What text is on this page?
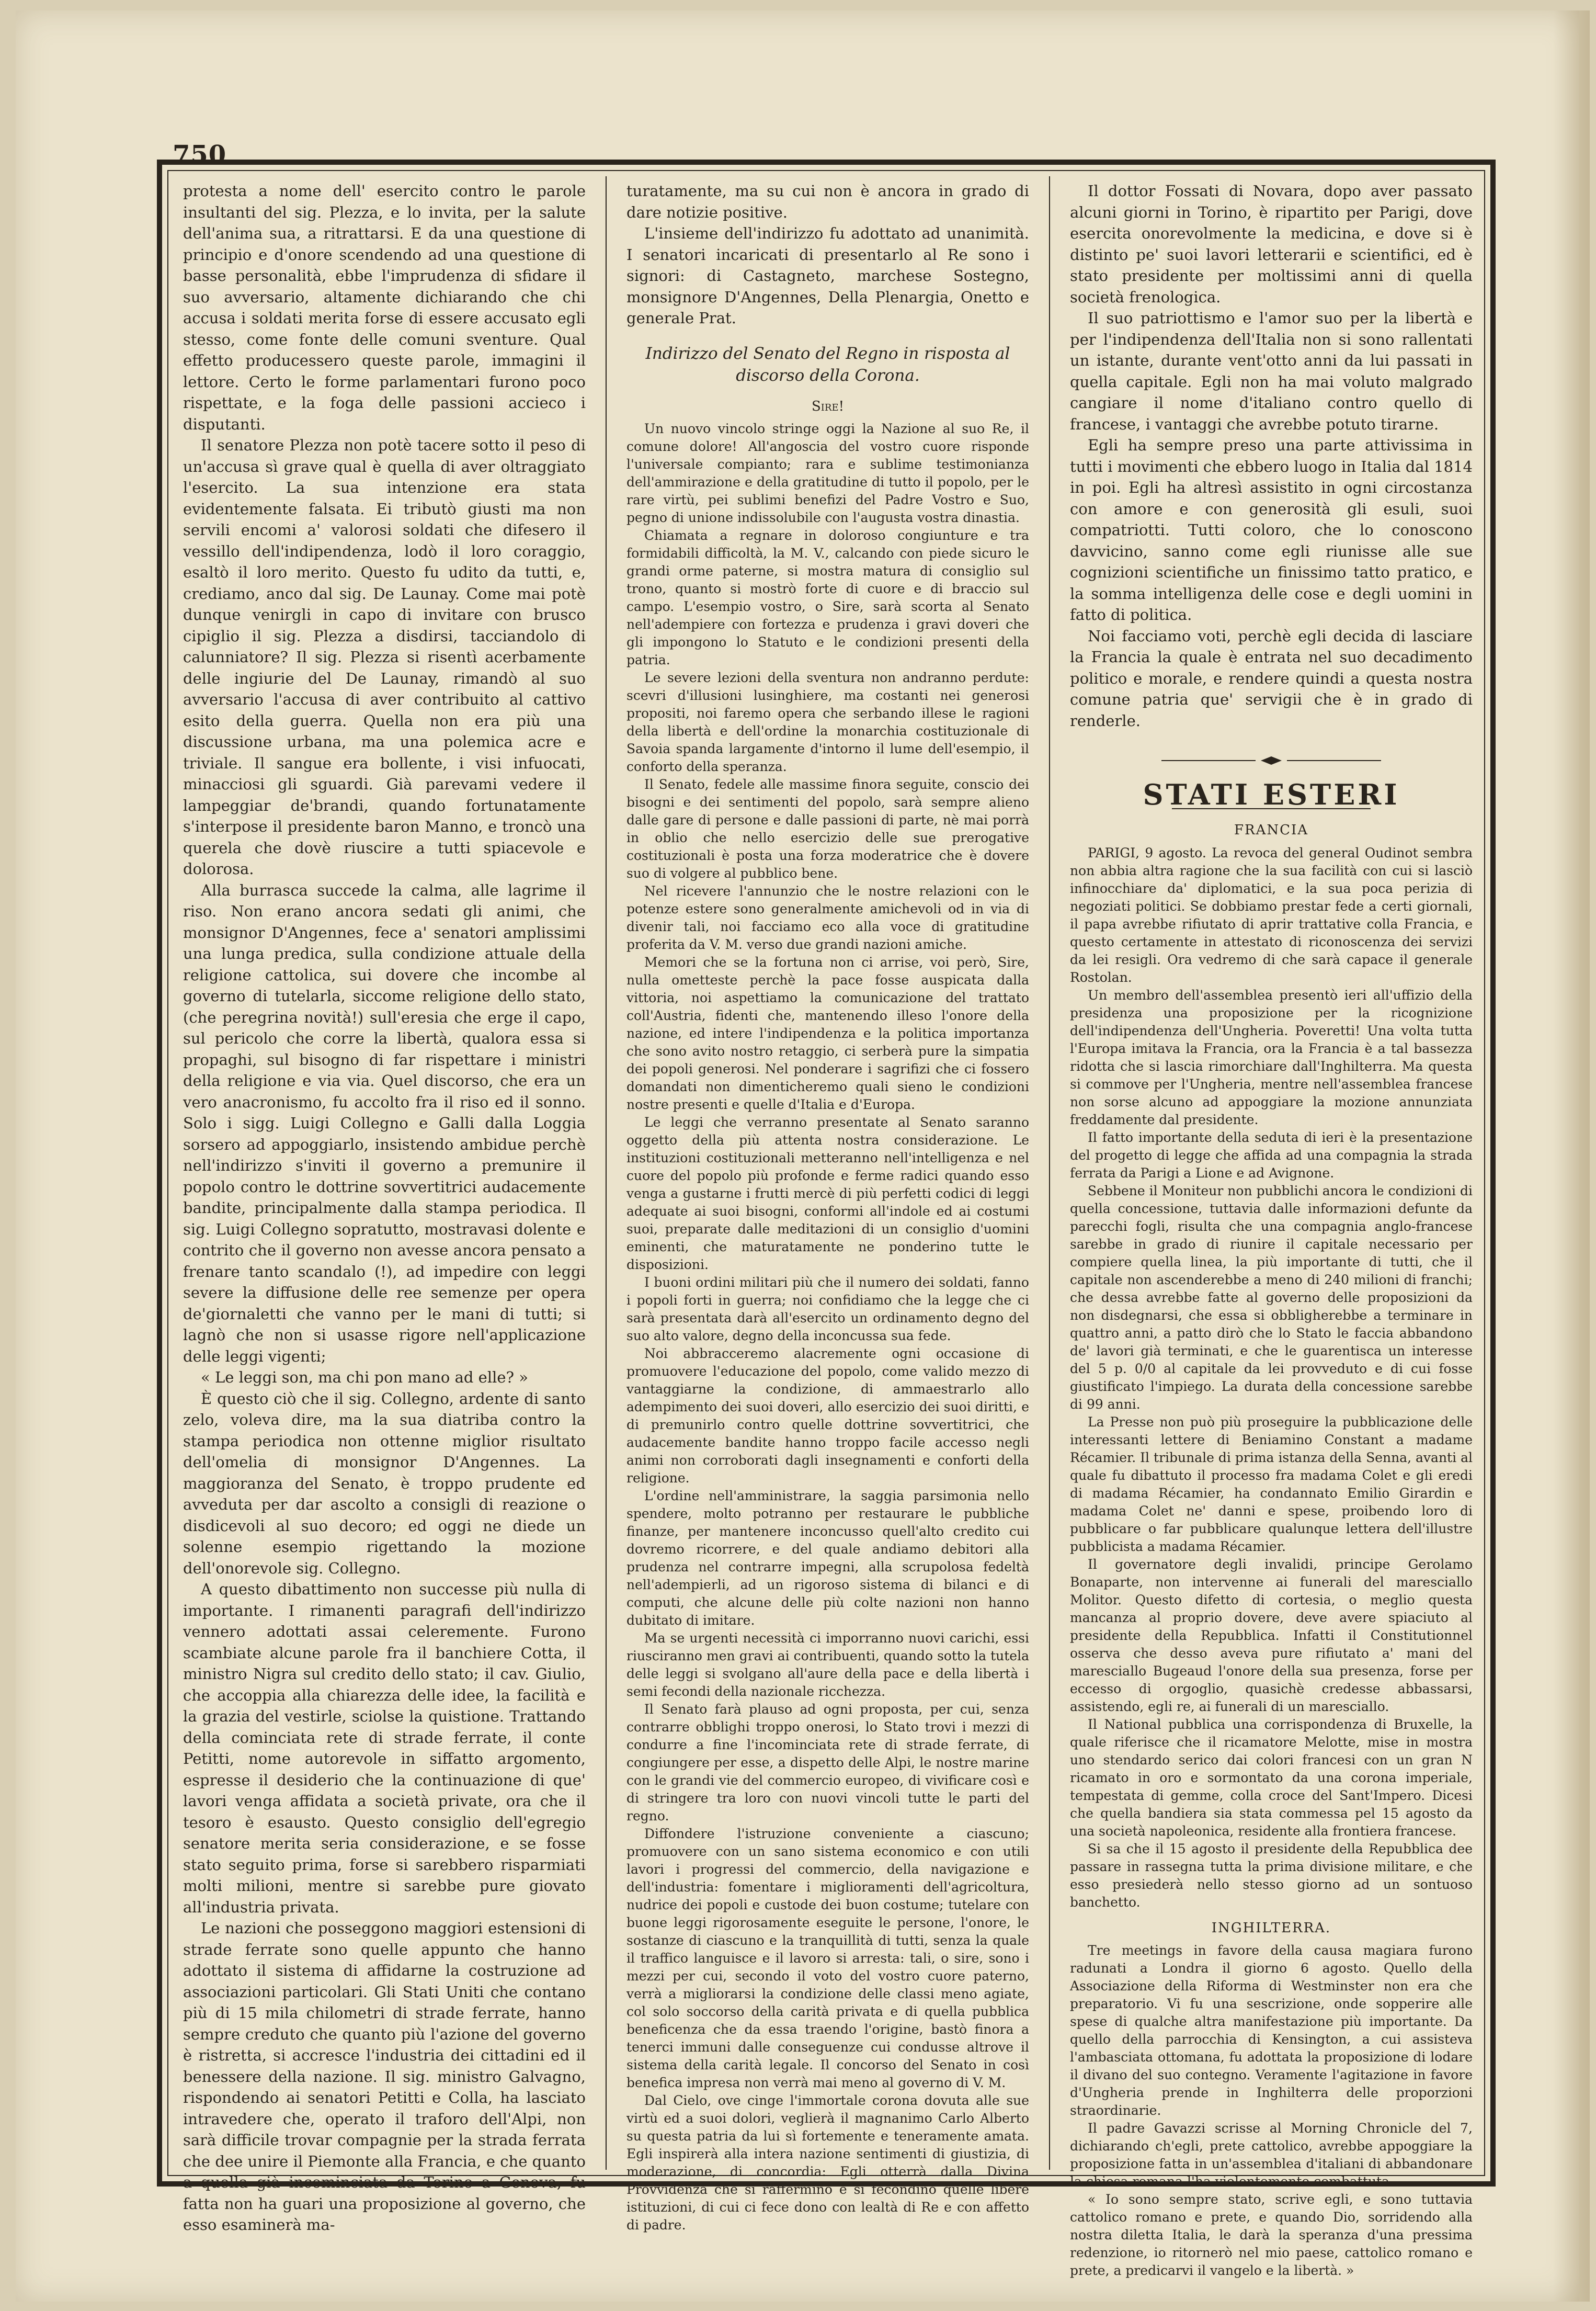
750

protesta a nome dell' esercito contro le parole insultanti del sig. Plezza, e lo invita, per la salute dell'anima sua, a ritrattarsi. E da una questione di principio e d'onore scendendo ad una questione di basse personalità, ebbe l'imprudenza di sfidare il suo avversario, altamente dichiarando che chi accusa i soldati merita forse di essere accusato egli stesso, come fonte delle comuni sventure. Qual effetto producessero queste parole, immagini il lettore. Certo le forme parlamentari furono poco rispettate, e la foga delle passioni accieco i disputanti.

Il senatore Plezza non potè tacere sotto il peso di un'accusa sì grave qual è quella di aver oltraggiato l'esercito. La sua intenzione era stata evidentemente falsata. Ei tributò giusti ma non servili encomi a' valorosi soldati che difesero il vessillo dell'indipendenza, lodò il loro coraggio, esaltò il loro merito. Questo fu udito da tutti, e, crediamo, anco dal sig. De Launay. Come mai potè dunque venirgli in capo di invitare con brusco cipiglio il sig. Plezza a disdirsi, tacciandolo di calunniatore? Il sig. Plezza si risentì acerbamente delle ingiurie del De Launay, rimandò al suo avversario l'accusa di aver contribuito al cattivo esito della guerra. Quella non era più una discussione urbana, ma una polemica acre e triviale. Il sangue era bollente, i visi infuocati, minacciosi gli sguardi. Già parevami vedere il lampeggiar de'brandi, quando fortunatamente s'interpose il presidente baron Manno, e troncò una querela che dovè riuscire a tutti spiacevole e dolorosa.

Alla burrasca succede la calma, alle lagrime il riso. Non erano ancora sedati gli animi, che monsignor D'Angennes, fece a' senatori amplissimi una lunga predica, sulla condizione attuale della religione cattolica, sui dovere che incombe al governo di tutelarla, siccome religione dello stato, (che peregrina novità!) sull'eresia che erge il capo, sul pericolo che corre la libertà, qualora essa si propaghi, sul bisogno di far rispettare i ministri della religione e via via. Quel discorso, che era un vero anacronismo, fu accolto fra il riso ed il sonno. Solo i sigg. Luigi Collegno e Galli dalla Loggia sorsero ad appoggiarlo, insistendo ambidue perchè nell'indirizzo s'inviti il governo a premunire il popolo contro le dottrine sovvertitrici audacemente bandite, principalmente dalla stampa periodica. Il sig. Luigi Collegno sopratutto, mostravasi dolente e contrito che il governo non avesse ancora pensato a frenare tanto scandalo (!), ad impedire con leggi severe la diffusione delle ree semenze per opera de'giornaletti che vanno per le mani di tutti; si lagnò che non si usasse rigore nell'applicazione delle leggi vigenti;

« Le leggi son, ma chi pon mano ad elle? »

È questo ciò che il sig. Collegno, ardente di santo zelo, voleva dire, ma la sua diatriba contro la stampa periodica non ottenne miglior risultato dell'omelia di monsignor D'Angennes. La maggioranza del Senato, è troppo prudente ed avveduta per dar ascolto a consigli di reazione o disdicevoli al suo decoro; ed oggi ne diede un solenne esempio rigettando la mozione dell'onorevole sig. Collegno.

A questo dibattimento non successe più nulla di importante. I rimanenti paragrafi dell'indirizzo vennero adottati assai celeremente. Furono scambiate alcune parole fra il banchiere Cotta, il ministro Nigra sul credito dello stato; il cav. Giulio, che accoppia alla chiarezza delle idee, la facilità e la grazia del vestirle, sciolse la quistione. Trattando della cominciata rete di strade ferrate, il conte Petitti, nome autorevole in siffatto argomento, espresse il desiderio che la continuazione di que' lavori venga affidata a società private, ora che il tesoro è esausto. Questo consiglio dell'egregio senatore merita seria considerazione, e se fosse stato seguito prima, forse si sarebbero risparmiati molti milioni, mentre si sarebbe pure giovato all'industria privata.

Le nazioni che posseggono maggiori estensioni di strade ferrate sono quelle appunto che hanno adottato il sistema di affidarne la costruzione ad associazioni particolari. Gli Stati Uniti che contano più di 15 mila chilometri di strade ferrate, hanno sempre creduto che quanto più l'azione del governo è ristretta, si accresce l'industria dei cittadini ed il benessere della nazione. Il sig. ministro Galvagno, rispondendo ai senatori Petitti e Colla, ha lasciato intravedere che, operato il traforo dell'Alpi, non sarà difficile trovar compagnie per la strada ferrata che dee unire il Piemonte alla Francia, e che quanto a quella già incominciata da Torino a Genova, fu fatta non ha guari una proposizione al governo, che esso esaminerà ma-

turatamente, ma su cui non è ancora in grado di dare notizie positive.

L'insieme dell'indirizzo fu adottato ad unanimità. I senatori incaricati di presentarlo al Re sono i signori: di Castagneto, marchese Sostegno, monsignore D'Angennes, Della Plenargia, Onetto e generale Prat.

Indirizzo del Senato del Regno in risposta al discorso della Corona.

Sire!

Un nuovo vincolo stringe oggi la Nazione al suo Re, il comune dolore! All'angoscia del vostro cuore risponde l'universale compianto; rara e sublime testimonianza dell'ammirazione e della gratitudine di tutto il popolo, per le rare virtù, pei sublimi benefizi del Padre Vostro e Suo, pegno di unione indissolubile con l'augusta vostra dinastia.

Chiamata a regnare in doloroso congiunture e tra formidabili difficoltà, la M. V., calcando con piede sicuro le grandi orme paterne, si mostra matura di consiglio sul trono, quanto si mostrò forte di cuore e di braccio sul campo. L'esempio vostro, o Sire, sarà scorta al Senato nell'adempiere con fortezza e prudenza i gravi doveri che gli impongono lo Statuto e le condizioni presenti della patria.

Le severe lezioni della sventura non andranno perdute: scevri d'illusioni lusinghiere, ma costanti nei generosi propositi, noi faremo opera che serbando illese le ragioni della libertà e dell'ordine la monarchia costituzionale di Savoia spanda largamente d'intorno il lume dell'esempio, il conforto della speranza.

Il Senato, fedele alle massime finora seguite, conscio dei bisogni e dei sentimenti del popolo, sarà sempre alieno dalle gare di persone e dalle passioni di parte, nè mai porrà in oblio che nello esercizio delle sue prerogative costituzionali è posta una forza moderatrice che è dovere suo di volgere al pubblico bene.

Nel ricevere l'annunzio che le nostre relazioni con le potenze estere sono generalmente amichevoli od in via di divenir tali, noi facciamo eco alla voce di gratitudine proferita da V. M. verso due grandi nazioni amiche.

Memori che se la fortuna non ci arrise, voi però, Sire, nulla ometteste perchè la pace fosse auspicata dalla vittoria, noi aspettiamo la comunicazione del trattato coll'Austria, fidenti che, mantenendo illeso l'onore della nazione, ed intere l'indipendenza e la politica importanza che sono avito nostro retaggio, ci serberà pure la simpatia dei popoli generosi. Nel ponderare i sagrifizi che ci fossero domandati non dimenticheremo quali sieno le condizioni nostre presenti e quelle d'Italia e d'Europa.

Le leggi che verranno presentate al Senato saranno oggetto della più attenta nostra considerazione. Le instituzioni costituzionali metteranno nell'intelligenza e nel cuore del popolo più profonde e ferme radici quando esso venga a gustarne i frutti mercè di più perfetti codici di leggi adequate ai suoi bisogni, conformi all'indole ed ai costumi suoi, preparate dalle meditazioni di un consiglio d'uomini eminenti, che maturatamente ne ponderino tutte le disposizioni.

I buoni ordini militari più che il numero dei soldati, fanno i popoli forti in guerra; noi confidiamo che la legge che ci sarà presentata darà all'esercito un ordinamento degno del suo alto valore, degno della inconcussa sua fede.

Noi abbracceremo alacremente ogni occasione di promuovere l'educazione del popolo, come valido mezzo di vantaggiarne la condizione, di ammaestrarlo allo adempimento dei suoi doveri, allo esercizio dei suoi diritti, e di premunirlo contro quelle dottrine sovvertitrici, che audacemente bandite hanno troppo facile accesso negli animi non corroborati dagli insegnamenti e conforti della religione.

L'ordine nell'amministrare, la saggia parsimonia nello spendere, molto potranno per restaurare le pubbliche finanze, per mantenere inconcusso quell'alto credito cui dovremo ricorrere, e del quale andiamo debitori alla prudenza nel contrarre impegni, alla scrupolosa fedeltà nell'adempierli, ad un rigoroso sistema di bilanci e di computi, che alcune delle più colte nazioni non hanno dubitato di imitare.

Ma se urgenti necessità ci imporranno nuovi carichi, essi riusciranno men gravi ai contribuenti, quando sotto la tutela delle leggi si svolgano all'aure della pace e della libertà i semi fecondi della nazionale ricchezza.

Il Senato farà plauso ad ogni proposta, per cui, senza contrarre obblighi troppo onerosi, lo Stato trovi i mezzi di condurre a fine l'incominciata rete di strade ferrate, di congiungere per esse, a dispetto delle Alpi, le nostre marine con le grandi vie del commercio europeo, di vivificare così e di stringere tra loro con nuovi vincoli tutte le parti del regno.

Diffondere l'istruzione conveniente a ciascuno; promuovere con un sano sistema economico e con utili lavori i progressi del commercio, della navigazione e dell'industria: fomentare i miglioramenti dell'agricoltura, nudrice dei popoli e custode dei buon costume; tutelare con buone leggi rigorosamente eseguite le persone, l'onore, le sostanze di ciascuno e la tranquillità di tutti, senza la quale il traffico languisce e il lavoro si arresta: tali, o sire, sono i mezzi per cui, secondo il voto del vostro cuore paterno, verrà a migliorarsi la condizione delle classi meno agiate, col solo soccorso della carità privata e di quella pubblica beneficenza che da essa traendo l'origine, bastò finora a tenerci immuni dalle conseguenze cui condusse altrove il sistema della carità legale. Il concorso del Senato in così benefica impresa non verrà mai meno al governo di V. M.

Dal Cielo, ove cinge l'immortale corona dovuta alle sue virtù ed a suoi dolori, veglierà il magnanimo Carlo Alberto su questa patria da lui sì fortemente e teneramente amata. Egli inspirerà alla intera nazione sentimenti di giustizia, di moderazione, di concordia: Egli otterrà dalla Divina Provvidenza che si raffermino e si fecondino quelle libere istituzioni, di cui ci fece dono con lealtà di Re e con affetto di padre.

Il dottor Fossati di Novara, dopo aver passato alcuni giorni in Torino, è ripartito per Parigi, dove esercita onorevolmente la medicina, e dove si è distinto pe' suoi lavori letterarii e scientifici, ed è stato presidente per moltissimi anni di quella società frenologica.

Il suo patriottismo e l'amor suo per la libertà e per l'indipendenza dell'Italia non si sono rallentati un istante, durante vent'otto anni da lui passati in quella capitale. Egli non ha mai voluto malgrado cangiare il nome d'italiano contro quello di francese, i vantaggi che avrebbe potuto tirarne.

Egli ha sempre preso una parte attivissima in tutti i movimenti che ebbero luogo in Italia dal 1814 in poi. Egli ha altresì assistito in ogni circostanza con amore e con generosità gli esuli, suoi compatriotti. Tutti coloro, che lo conoscono davvicino, sanno come egli riunisse alle sue cognizioni scientifiche un finissimo tatto pratico, e la somma intelligenza delle cose e degli uomini in fatto di politica.

Noi facciamo voti, perchè egli decida di lasciare la Francia la quale è entrata nel suo decadimento politico e morale, e rendere quindi a questa nostra comune patria que' servigii che è in grado di renderle.

STATI ESTERI

FRANCIA

PARIGI, 9 agosto. La revoca del general Oudinot sembra non abbia altra ragione che la sua facilità con cui si lasciò infinocchiare da' diplomatici, e la sua poca perizia di negoziati politici. Se dobbiamo prestar fede a certi giornali, il papa avrebbe rifiutato di aprir trattative colla Francia, e questo certamente in attestato di riconoscenza dei servizi da lei resigli. Ora vedremo di che sarà capace il generale Rostolan.

Un membro dell'assemblea presentò ieri all'uffizio della presidenza una proposizione per la ricognizione dell'indipendenza dell'Ungheria. Poveretti! Una volta tutta l'Europa imitava la Francia, ora la Francia è a tal bassezza ridotta che si lascia rimorchiare dall'Inghilterra. Ma questa si commove per l'Ungheria, mentre nell'assemblea francese non sorse alcuno ad appoggiare la mozione annunziata freddamente dal presidente.

Il fatto importante della seduta di ieri è la presentazione del progetto di legge che affida ad una compagnia la strada ferrata da Parigi a Lione e ad Avignone.

Sebbene il Moniteur non pubblichi ancora le condizioni di quella concessione, tuttavia dalle informazioni defunte da parecchi fogli, risulta che una compagnia anglo-francese sarebbe in grado di riunire il capitale necessario per compiere quella linea, la più importante di tutti, che il capitale non ascenderebbe a meno di 240 milioni di franchi; che dessa avrebbe fatte al governo delle proposizioni da non disdegnarsi, che essa si obbligherebbe a terminare in quattro anni, a patto dirò che lo Stato le faccia abbandono de' lavori già terminati, e che le guarentisca un interesse del 5 p. 0/0 al capitale da lei provveduto e di cui fosse giustificato l'impiego. La durata della concessione sarebbe di 99 anni.

La Presse non può più proseguire la pubblicazione delle interessanti lettere di Beniamino Constant a madame Récamier. Il tribunale di prima istanza della Senna, avanti al quale fu dibattuto il processo fra madama Colet e gli eredi di madama Récamier, ha condannato Emilio Girardin e madama Colet ne' danni e spese, proibendo loro di pubblicare o far pubblicare qualunque lettera dell'illustre pubblicista a madama Récamier.

Il governatore degli invalidi, principe Gerolamo Bonaparte, non intervenne ai funerali del maresciallo Molitor. Questo difetto di cortesia, o meglio questa mancanza al proprio dovere, deve avere spiaciuto al presidente della Repubblica. Infatti il Constitutionnel osserva che desso aveva pure rifiutato a' mani del maresciallo Bugeaud l'onore della sua presenza, forse per eccesso di orgoglio, quasichè credesse abbassarsi, assistendo, egli re, ai funerali di un maresciallo.

Il National pubblica una corrispondenza di Bruxelle, la quale riferisce che il ricamatore Melotte, mise in mostra uno stendardo serico dai colori francesi con un gran N ricamato in oro e sormontato da una corona imperiale, tempestata di gemme, colla croce del Sant'Impero. Dicesi che quella bandiera sia stata commessa pel 15 agosto da una società napoleonica, residente alla frontiera francese.

Si sa che il 15 agosto il presidente della Repubblica dee passare in rassegna tutta la prima divisione militare, e che esso presiederà nello stesso giorno ad un sontuoso banchetto.

INGHILTERRA.

Tre meetings in favore della causa magiara furono radunati a Londra il giorno 6 agosto. Quello della Associazione della Riforma di Westminster non era che preparatorio. Vi fu una sescrizione, onde sopperire alle spese di qualche altra manifestazione più importante. Da quello della parrocchia di Kensington, a cui assisteva l'ambasciata ottomana, fu adottata la proposizione di lodare il divano del suo contegno. Veramente l'agitazione in favore d'Ungheria prende in Inghilterra delle proporzioni straordinarie.

Il padre Gavazzi scrisse al Morning Chronicle del 7, dichiarando ch'egli, prete cattolico, avrebbe appoggiare la proposizione fatta in un'assemblea d'italiani di abbandonare la chiesa romana l'ha violentemente combattuta.

« Io sono sempre stato, scrive egli, e sono tuttavia cattolico romano e prete, e quando Dio, sorridendo alla nostra diletta Italia, le darà la speranza d'una pressima redenzione, io ritornerò nel mio paese, cattolico romano e prete, a predicarvi il vangelo e la libertà. »
